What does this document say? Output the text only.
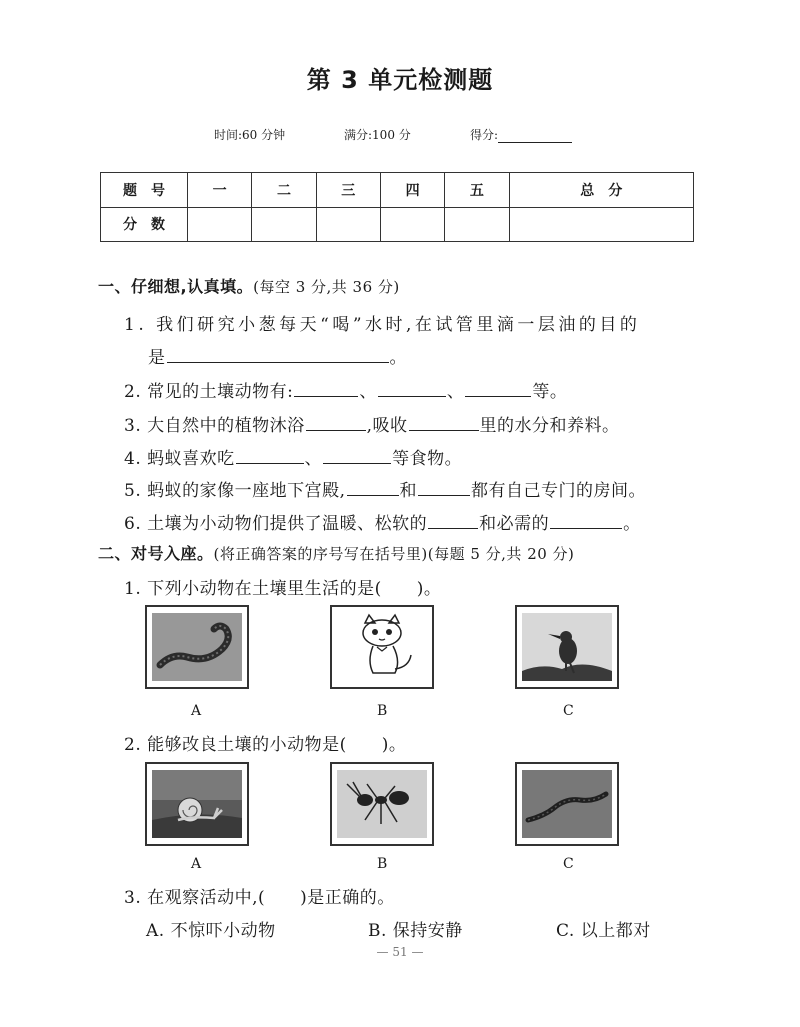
第 3 单元检测题
时间:60 分钟	满分:100 分	得分:
题　号	一	二	三	四	五	总　分
分　数						
一、仔细想,认真填。(每空 3 分,共 36 分)
1. 我们研究小葱每天“喝”水时,在试管里滴一层油的目的
是	。
2. 常见的土壤动物有:	、	、	等。
3. 大自然中的植物沐浴	,吸收	里的水分和养料。
4. 蚂蚁喜欢吃	、	等食物。
5. 蚂蚁的家像一座地下宫殿,	和	都有自己专门的房间。
6. 土壤为小动物们提供了温暖、松软的	和必需的	。
二、对号入座。(将正确答案的序号写在括号里)(每题 5 分,共 20 分)
1. 下列小动物在土壤里生活的是(　　)。
A	B	C
2. 能够改良土壤的小动物是(　　)。
A	B	C
3. 在观察活动中,(　　)是正确的。
A. 不惊吓小动物	B. 保持安静	C. 以上都对
— 51 —
